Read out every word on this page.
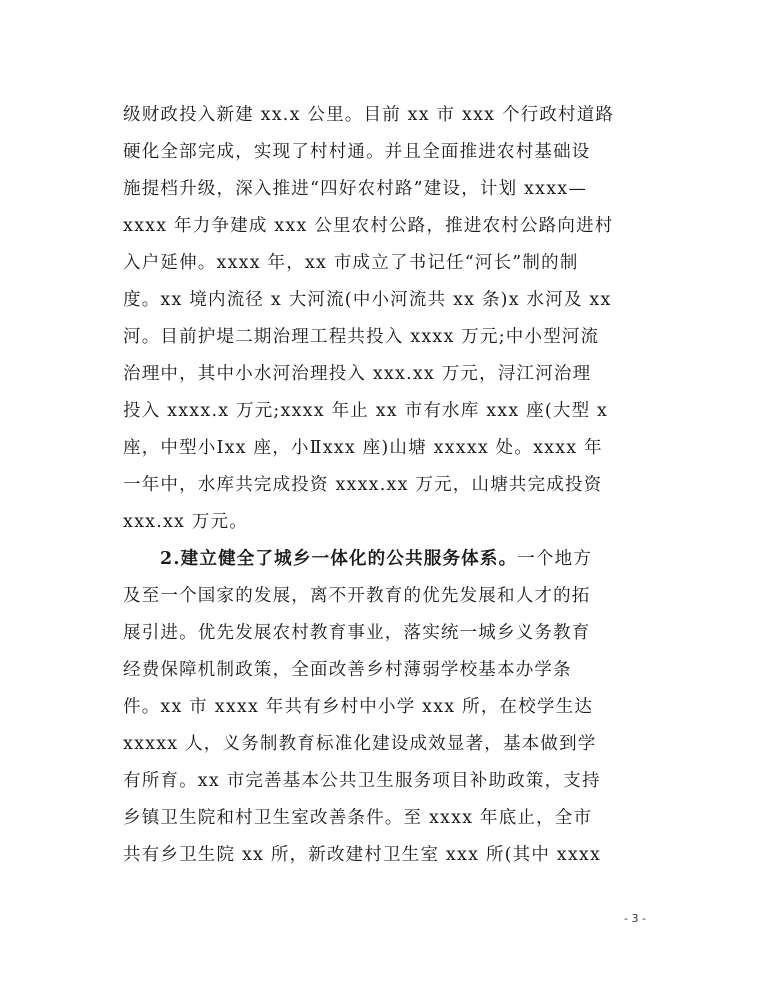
级财政投入新建 xx.x 公里。目前 xx 市 xxx 个行政村道路
硬化全部完成，实现了村村通。并且全面推进农村基础设
施提档升级，深入推进“四好农村路”建设，计划 xxxx—
xxxx 年力争建成 xxx 公里农村公路，推进农村公路向进村
入户延伸。xxxx 年，xx 市成立了书记任“河长”制的制
度。xx 境内流径 x 大河流(中小河流共 xx 条)x 水河及 xx
河。目前护堤二期治理工程共投入 xxxx 万元;中小型河流
治理中，其中小水河治理投入 xxx.xx 万元，浔江河治理
投入 xxxx.x 万元;xxxx 年止 xx 市有水库 xxx 座(大型 x
座，中型小Ⅰxx 座，小Ⅱxxx 座)山塘 xxxxx 处。xxxx 年
一年中，水库共完成投资 xxxx.xx 万元，山塘共完成投资
xxx.xx 万元。
2.建立健全了城乡一体化的公共服务体系。一个地方
及至一个国家的发展，离不开教育的优先发展和人才的拓
展引进。优先发展农村教育事业，落实统一城乡义务教育
经费保障机制政策，全面改善乡村薄弱学校基本办学条
件。xx 市 xxxx 年共有乡村中小学 xxx 所，在校学生达
xxxxx 人，义务制教育标准化建设成效显著，基本做到学
有所育。xx 市完善基本公共卫生服务项目补助政策，支持
乡镇卫生院和村卫生室改善条件。至 xxxx 年底止，全市
共有乡卫生院 xx 所，新改建村卫生室 xxx 所(其中 xxxx
- 3 -
